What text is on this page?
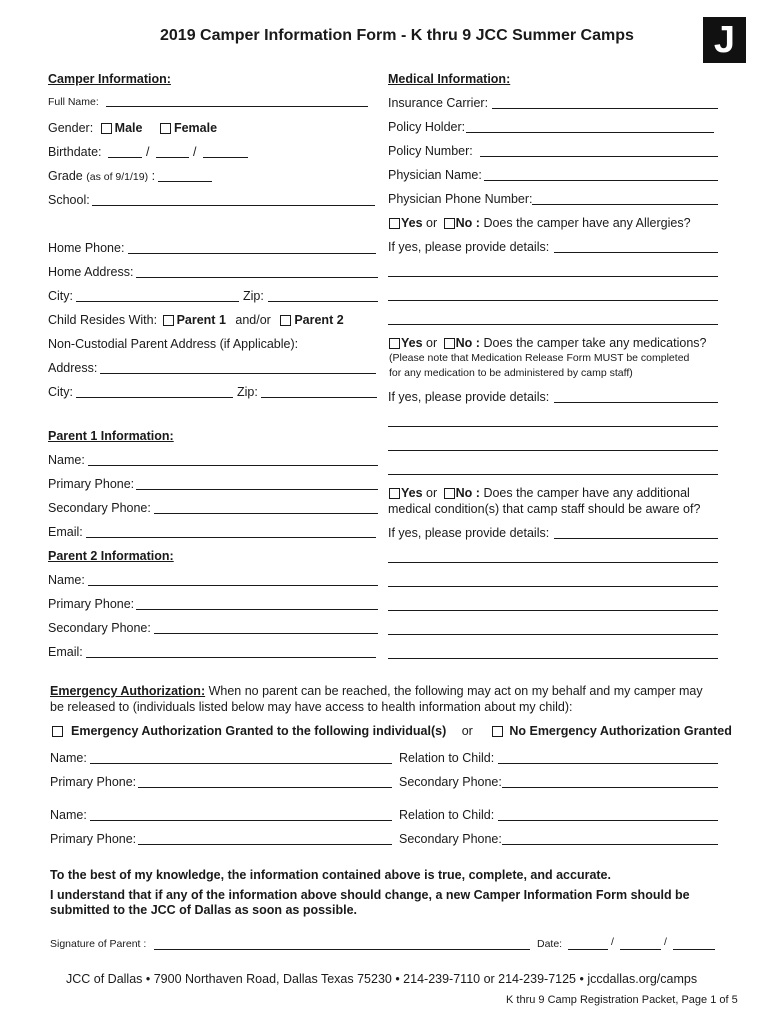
2019 Camper Information Form - K thru 9 JCC Summer Camps J
Camper Information:
Full Name:
Gender: Male	Female
Birthdate:	/	/
Grade (as of 9/1/19) :
School:
Home Phone:
Home Address:
City:	Zip:
Child Resides With: Parent 1 and/or Parent 2
Non-Custodial Parent Address (if Applicable):
Address:
City:	Zip:
Parent 1 Information:
Name:
Primary Phone:
Secondary Phone:
Email:
Parent 2 Information:
Name:
Primary Phone:
Secondary Phone:
Email:
Medical Information:
Insurance Carrier:
Policy Holder:
Policy Number:
Physician Name:
Physician Phone Number:
Yes or No : Does the camper have any Allergies?
If yes, please provide details:
Yes or No : Does the camper take any medications?
(Please note that Medication Release Form MUST be completed
for any medication to be administered by camp staff)
If yes, please provide details:
Yes or No : Does the camper have any additional
medical condition(s) that camp staff should be aware of?
If yes, please provide details:
Emergency Authorization: When no parent can be reached, the following may act on my behalf and my camper may
be released to (individuals listed below may have access to health information about my child):
Emergency Authorization Granted to the following individual(s) or	No Emergency Authorization Granted
Name:	Relation to Child:
Primary Phone:	Secondary Phone:
Name:	Relation to Child:
Primary Phone:	Secondary Phone:
To the best of my knowledge, the information contained above is true, complete, and accurate.
I understand that if any of the information above should change, a new Camper Information Form should be
submitted to the JCC of Dallas as soon as possible.
Signature of Parent :	Date:	/	/
JCC of Dallas • 7900 Northaven Road, Dallas Texas 75230 • 214-239-7110 or 214-239-7125 • jccdallas.org/camps
K thru 9 Camp Registration Packet, Page 1 of 5
